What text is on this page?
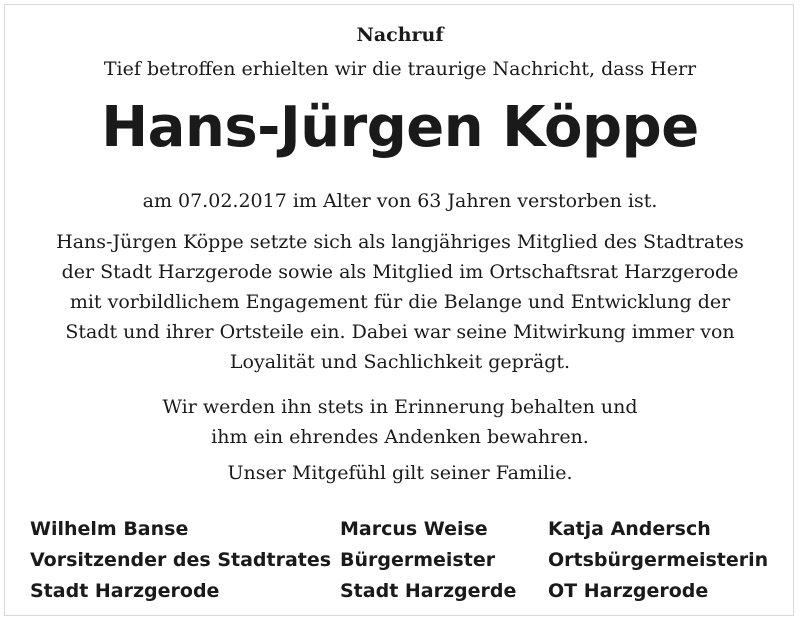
Nachruf
Tief betroffen erhielten wir die traurige Nachricht, dass Herr
Hans-Jürgen Köppe
am 07.02.2017 im Alter von 63 Jahren verstorben ist.
Hans-Jürgen Köppe setzte sich als langjähriges Mitglied des Stadtrates
der Stadt Harzgerode sowie als Mitglied im Ortschaftsrat Harzgerode
mit vorbildlichem Engagement für die Belange und Entwicklung der
Stadt und ihrer Ortsteile ein. Dabei war seine Mitwirkung immer von
Loyalität und Sachlichkeit geprägt.
Wir werden ihn stets in Erinnerung behalten und
ihm ein ehrendes Andenken bewahren.
Unser Mitgefühl gilt seiner Familie.
Wilhelm Banse
Vorsitzender des Stadtrates
Stadt Harzgerode
Marcus Weise
Bürgermeister
Stadt Harzgerde
Katja Andersch
Ortsbürgermeisterin
OT Harzgerode
